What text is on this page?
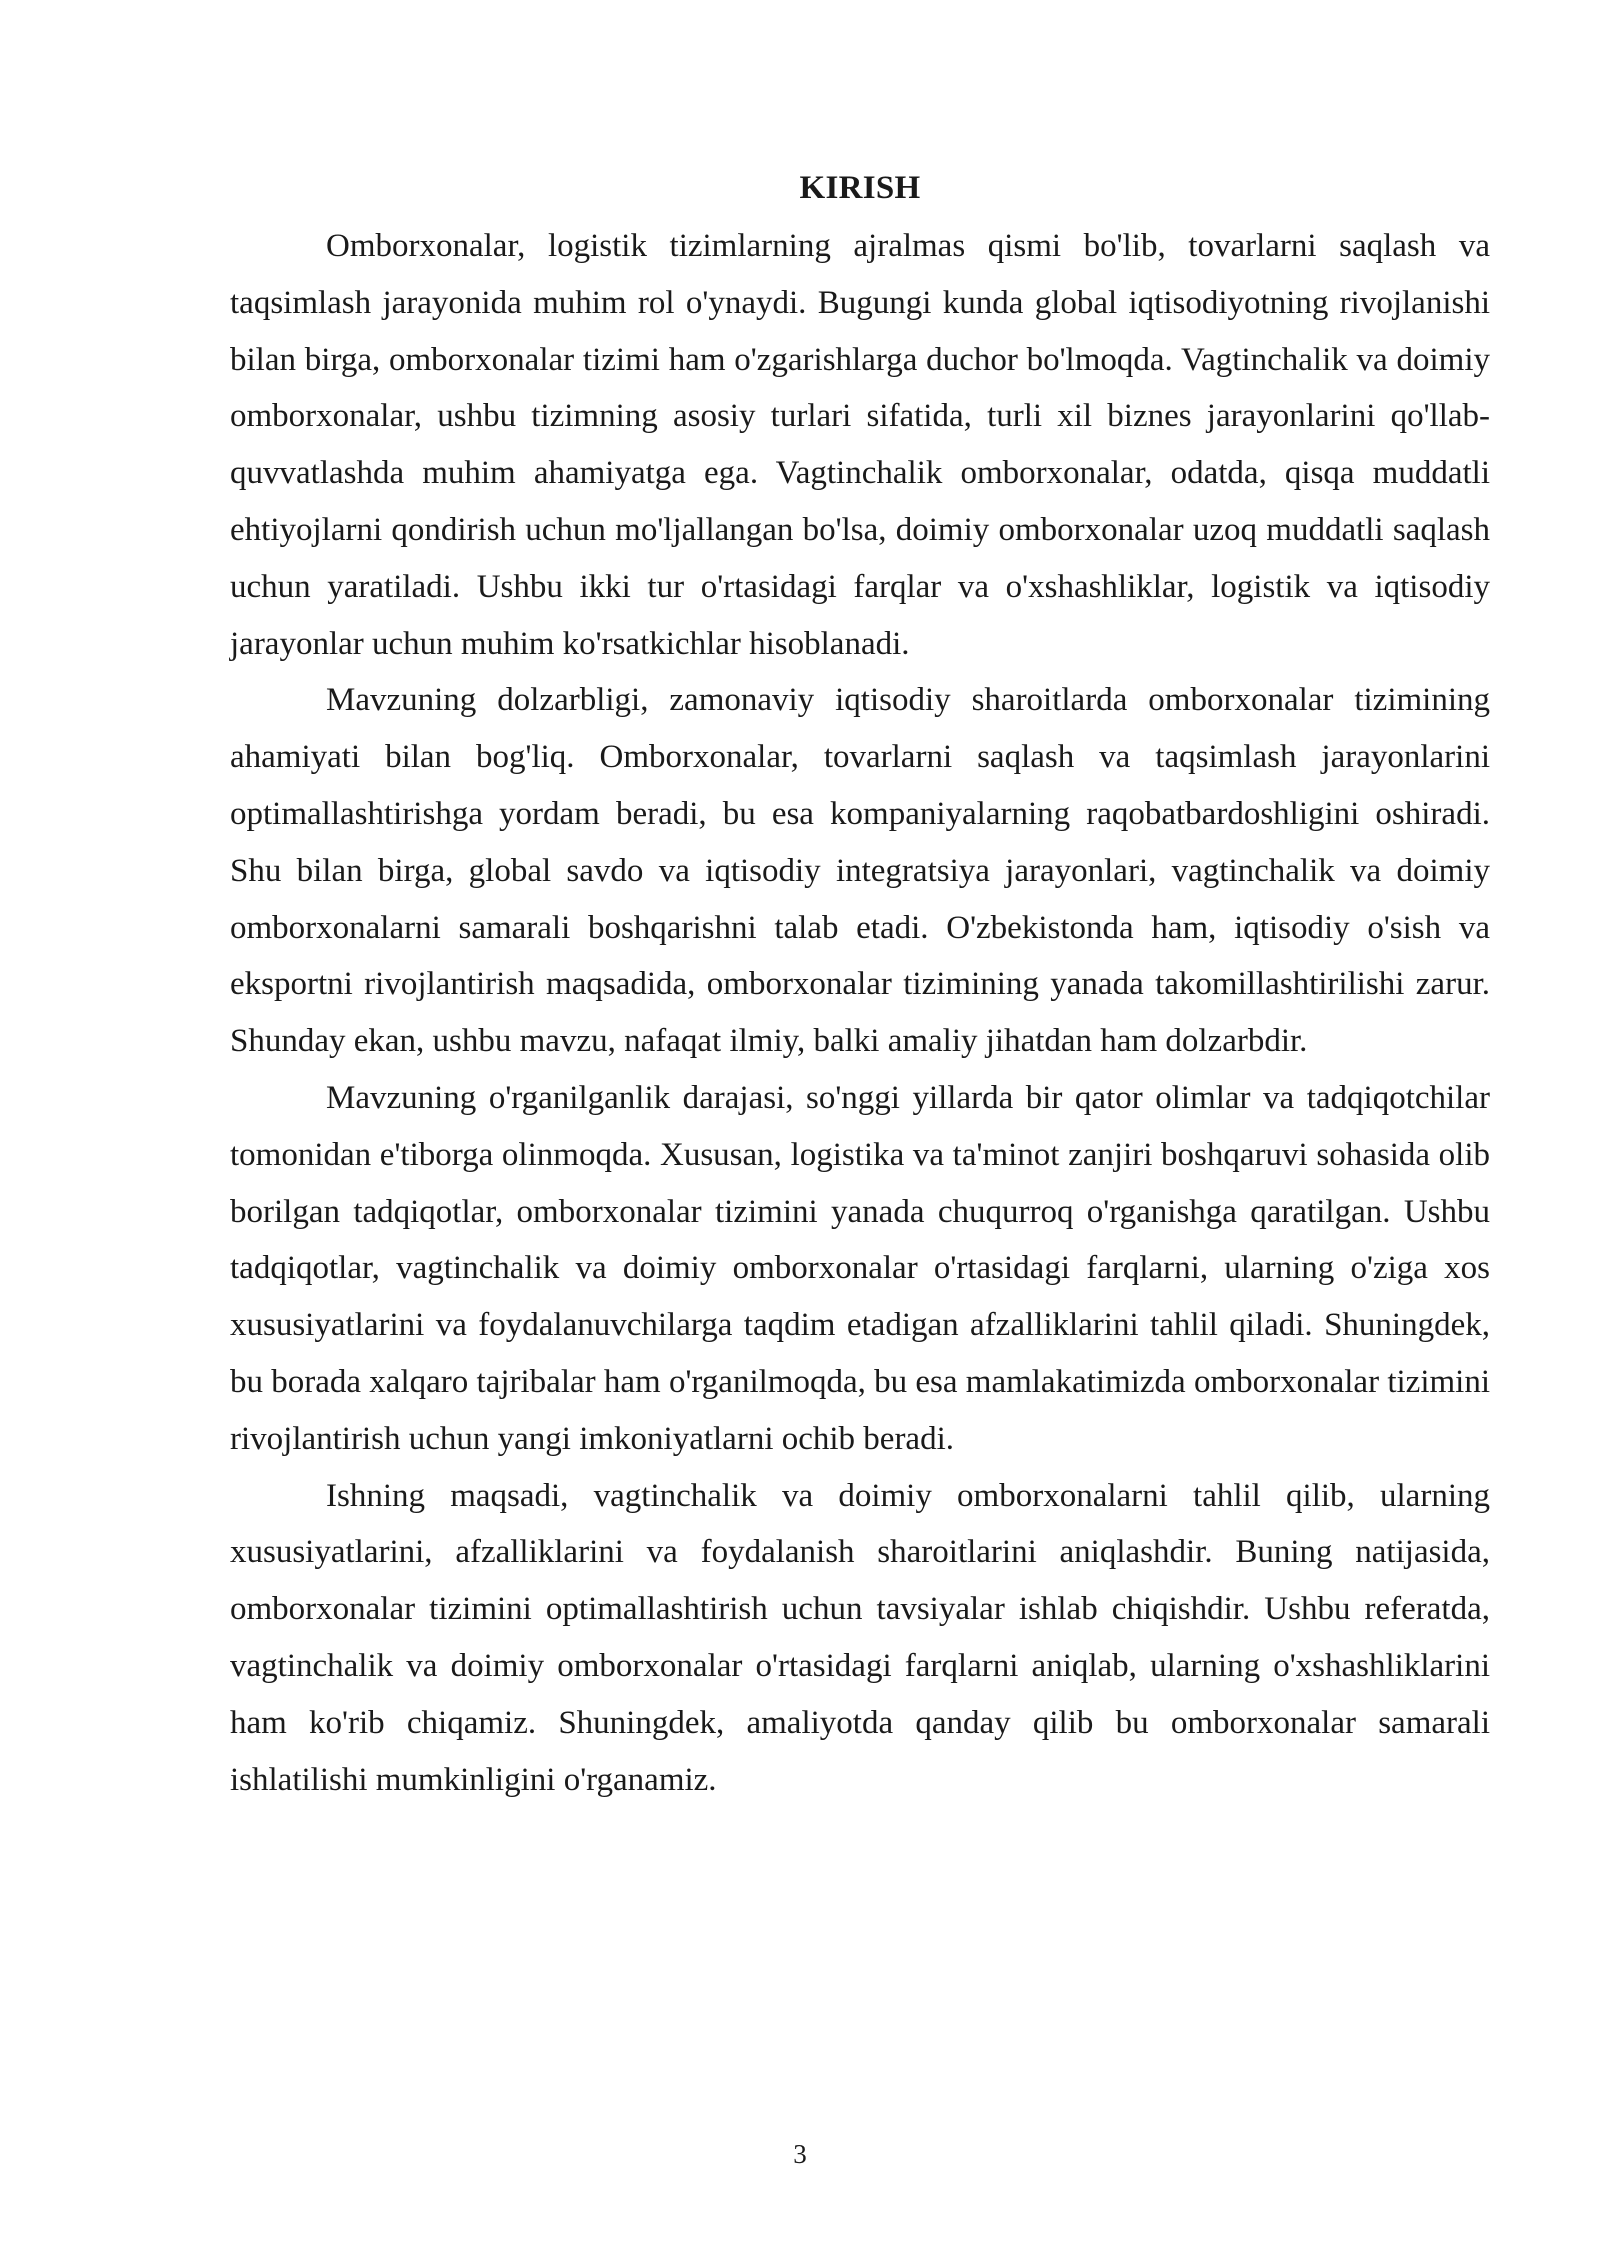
KIRISH

Omborxonalar, logistik tizimlarning ajralmas qismi bo'lib, tovarlarni saqlash va taqsimlash jarayonida muhim rol o'ynaydi. Bugungi kunda global iqtisodiyotning rivojlanishi bilan birga, omborxonalar tizimi ham o'zgarishlarga duchor bo'lmoqda. Vagtinchalik va doimiy omborxonalar, ushbu tizimning asosiy turlari sifatida, turli xil biznes jarayonlarini qo'llab-quvvatlashda muhim ahamiyatga ega. Vagtinchalik omborxonalar, odatda, qisqa muddatli ehtiyojlarni qondirish uchun mo'ljallangan bo'lsa, doimiy omborxonalar uzoq muddatli saqlash uchun yaratiladi. Ushbu ikki tur o'rtasidagi farqlar va o'xshashliklar, logistik va iqtisodiy jarayonlar uchun muhim ko'rsatkichlar hisoblanadi.

Mavzuning dolzarbligi, zamonaviy iqtisodiy sharoitlarda omborxonalar tizimining ahamiyati bilan bog'liq. Omborxonalar, tovarlarni saqlash va taqsimlash jarayonlarini optimallashtirishga yordam beradi, bu esa kompaniyalarning raqobatbardoshligini oshiradi. Shu bilan birga, global savdo va iqtisodiy integratsiya jarayonlari, vagtinchalik va doimiy omborxonalarni samarali boshqarishni talab etadi. O'zbekistonda ham, iqtisodiy o'sish va eksportni rivojlantirish maqsadida, omborxonalar tizimining yanada takomillashtirilishi zarur. Shunday ekan, ushbu mavzu, nafaqat ilmiy, balki amaliy jihatdan ham dolzarbdir.

Mavzuning o'rganilganlik darajasi, so'nggi yillarda bir qator olimlar va tadqiqotchilar tomonidan e'tiborga olinmoqda. Xususan, logistika va ta'minot zanjiri boshqaruvi sohasida olib borilgan tadqiqotlar, omborxonalar tizimini yanada chuqurroq o'rganishga qaratilgan. Ushbu tadqiqotlar, vagtinchalik va doimiy omborxonalar o'rtasidagi farqlarni, ularning o'ziga xos xususiyatlarini va foydalanuvchilarga taqdim etadigan afzalliklarini tahlil qiladi. Shuningdek, bu borada xalqaro tajribalar ham o'rganilmoqda, bu esa mamlakatimizda omborxonalar tizimini rivojlantirish uchun yangi imkoniyatlarni ochib beradi.

Ishning maqsadi, vagtinchalik va doimiy omborxonalarni tahlil qilib, ularning xususiyatlarini, afzalliklarini va foydalanish sharoitlarini aniqlashdir. Buning natijasida, omborxonalar tizimini optimallashtirish uchun tavsiyalar ishlab chiqishdir. Ushbu referatda, vagtinchalik va doimiy omborxonalar o'rtasidagi farqlarni aniqlab, ularning o'xshashliklarini ham ko'rib chiqamiz. Shuningdek, amaliyotda qanday qilib bu omborxonalar samarali ishlatilishi mumkinligini o'rganamiz.

3
